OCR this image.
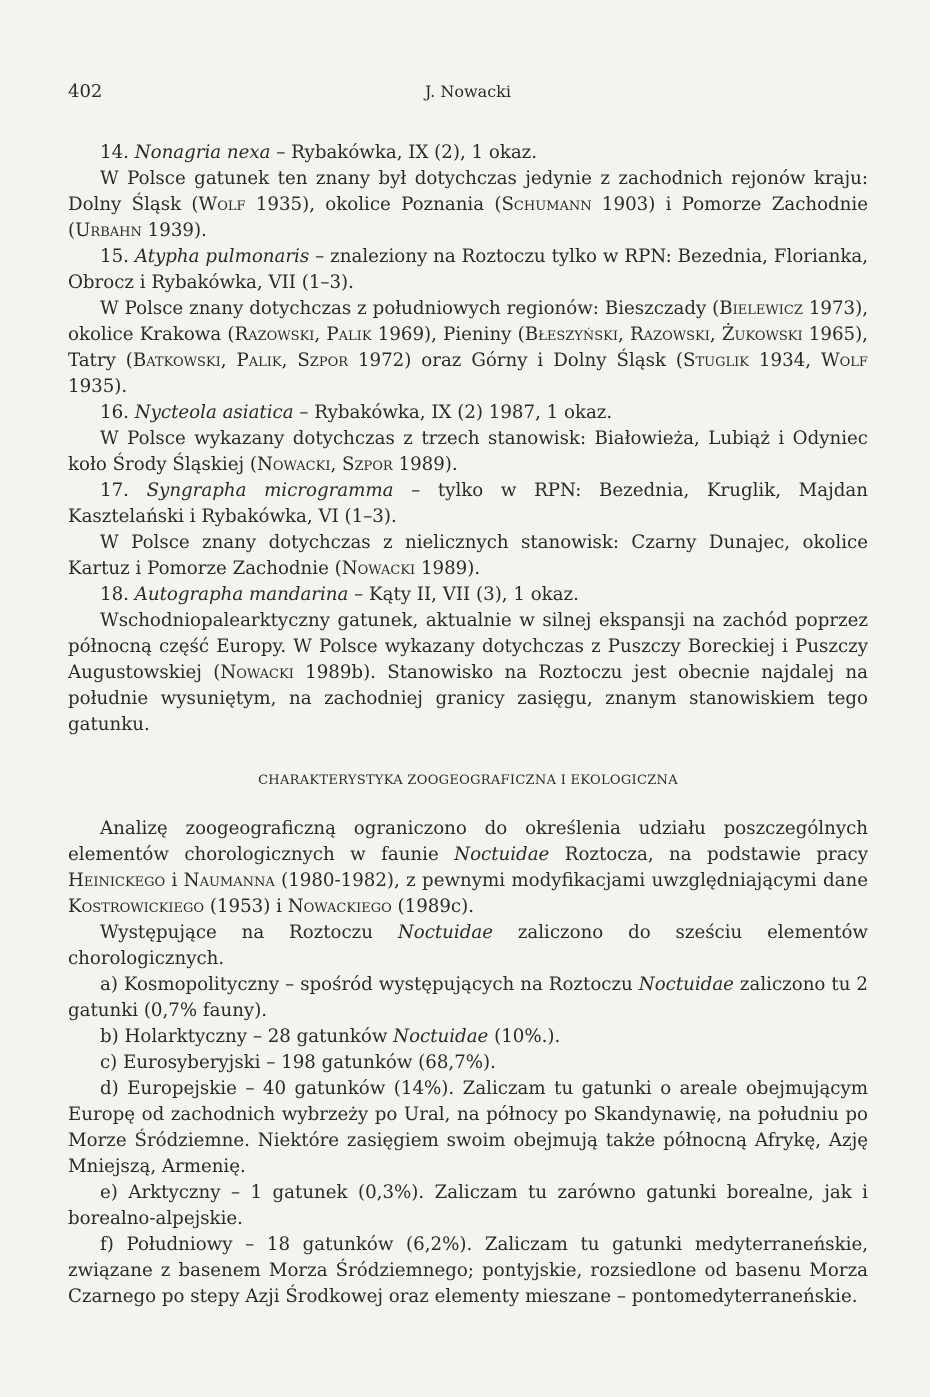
402	J. Nowacki

14. Nonagria nexa – Rybakówka, IX (2), 1 okaz.

W Polsce gatunek ten znany był dotychczas jedynie z zachodnich rejonów kraju: Dolny Śląsk (Wolf 1935), okolice Poznania (Schumann 1903) i Pomorze Zachodnie (Urbahn 1939).

15. Atypha pulmonaris – znaleziony na Roztoczu tylko w RPN: Bezednia, Florianka, Obrocz i Rybakówka, VII (1–3).

W Polsce znany dotychczas z południowych regionów: Bieszczady (Bielewicz 1973), okolice Krakowa (Razowski, Palik 1969), Pieniny (Błeszyński, Razowski, Żukowski 1965), Tatry (Batkowski, Palik, Szpor 1972) oraz Górny i Dolny Śląsk (Stuglik 1934, Wolf 1935).

16. Nycteola asiatica – Rybakówka, IX (2) 1987, 1 okaz.

W Polsce wykazany dotychczas z trzech stanowisk: Białowieża, Lubiąż i Odyniec koło Środy Śląskiej (Nowacki, Szpor 1989).

17. Syngrapha microgramma – tylko w RPN: Bezednia, Kruglik, Majdan Kasztelański i Rybakówka, VI (1–3).

W Polsce znany dotychczas z nielicznych stanowisk: Czarny Dunajec, okolice Kartuz i Pomorze Zachodnie (Nowacki 1989).

18. Autographa mandarina – Kąty II, VII (3), 1 okaz.

Wschodniopalearktyczny gatunek, aktualnie w silnej ekspansji na zachód poprzez północną część Europy. W Polsce wykazany dotychczas z Puszczy Boreckiej i Puszczy Augustowskiej (Nowacki 1989b). Stanowisko na Roztoczu jest obecnie najdalej na południe wysuniętym, na zachodniej granicy zasięgu, znanym stanowiskiem tego gatunku.

CHARAKTERYSTYKA ZOOGEOGRAFICZNA I EKOLOGICZNA

Analizę zoogeograficzną ograniczono do określenia udziału poszczególnych elementów chorologicznych w faunie Noctuidae Roztocza, na podstawie pracy Heinickego i Naumanna (1980-1982), z pewnymi modyfikacjami uwzględniającymi dane Kostrowickiego (1953) i Nowackiego (1989c).

Występujące na Roztoczu Noctuidae zaliczono do sześciu elementów chorologicznych.

a) Kosmopolityczny – spośród występujących na Roztoczu Noctuidae zaliczono tu 2 gatunki (0,7% fauny).

b) Holarktyczny – 28 gatunków Noctuidae (10%.).

c) Eurosyberyjski – 198 gatunków (68,7%).

d) Europejskie – 40 gatunków (14%). Zaliczam tu gatunki o areale obejmującym Europę od zachodnich wybrzeży po Ural, na północy po Skandynawię, na południu po Morze Śródziemne. Niektóre zasięgiem swoim obejmują także północną Afrykę, Azję Mniejszą, Armenię.

e) Arktyczny – 1 gatunek (0,3%). Zaliczam tu zarówno gatunki borealne, jak i borealno-alpejskie.

f) Południowy – 18 gatunków (6,2%). Zaliczam tu gatunki medyterraneńskie, związane z basenem Morza Śródziemnego; pontyjskie, rozsiedlone od basenu Morza Czarnego po stepy Azji Środkowej oraz elementy mieszane – pontomedyterraneńskie.
